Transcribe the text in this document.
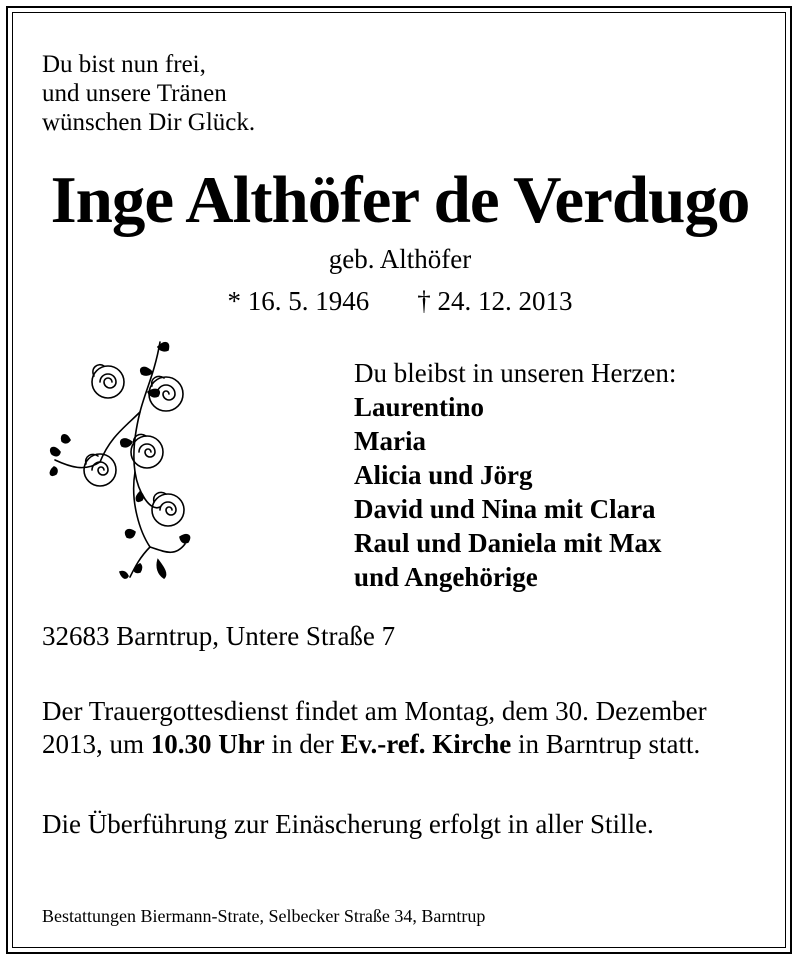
Du bist nun frei,
und unsere Tränen
wünschen Dir Glück.
Inge Althöfer de Verdugo
geb. Althöfer
* 16. 5. 1946 † 24. 12. 2013
Du bleibst in unseren Herzen:
Laurentino
Maria
Alicia und Jörg
David und Nina mit Clara
Raul und Daniela mit Max
und Angehörige
32683 Barntrup, Untere Straße 7
Der Trauergottesdienst findet am Montag, dem 30. Dezember 2013, um 10.30 Uhr in der Ev.-ref. Kirche in Barntrup statt.
Die Überführung zur Einäscherung erfolgt in aller Stille.
Bestattungen Biermann-Strate, Selbecker Straße 34, Barntrup
